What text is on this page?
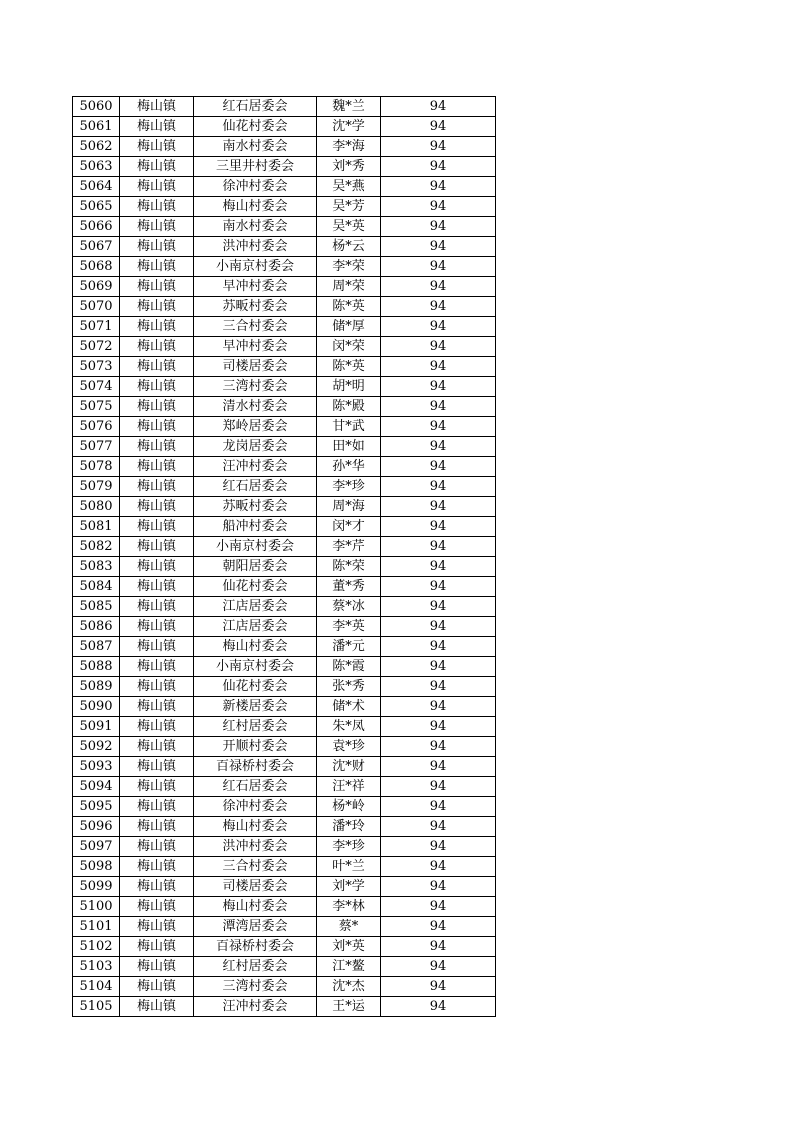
5060	梅山镇	红石居委会	魏*兰	94
5061	梅山镇	仙花村委会	沈*学	94
5062	梅山镇	南水村委会	李*海	94
5063	梅山镇	三里井村委会	刘*秀	94
5064	梅山镇	徐冲村委会	吴*燕	94
5065	梅山镇	梅山村委会	吴*芳	94
5066	梅山镇	南水村委会	吴*英	94
5067	梅山镇	洪冲村委会	杨*云	94
5068	梅山镇	小南京村委会	李*荣	94
5069	梅山镇	早冲村委会	周*荣	94
5070	梅山镇	苏畈村委会	陈*英	94
5071	梅山镇	三合村委会	储*厚	94
5072	梅山镇	早冲村委会	闵*荣	94
5073	梅山镇	司楼居委会	陈*英	94
5074	梅山镇	三湾村委会	胡*明	94
5075	梅山镇	清水村委会	陈*殿	94
5076	梅山镇	郑岭居委会	甘*武	94
5077	梅山镇	龙岗居委会	田*如	94
5078	梅山镇	汪冲村委会	孙*华	94
5079	梅山镇	红石居委会	李*珍	94
5080	梅山镇	苏畈村委会	周*海	94
5081	梅山镇	船冲村委会	闵*才	94
5082	梅山镇	小南京村委会	李*芹	94
5083	梅山镇	朝阳居委会	陈*荣	94
5084	梅山镇	仙花村委会	董*秀	94
5085	梅山镇	江店居委会	蔡*冰	94
5086	梅山镇	江店居委会	李*英	94
5087	梅山镇	梅山村委会	潘*元	94
5088	梅山镇	小南京村委会	陈*霞	94
5089	梅山镇	仙花村委会	张*秀	94
5090	梅山镇	新楼居委会	储*术	94
5091	梅山镇	红村居委会	朱*凤	94
5092	梅山镇	开顺村委会	袁*珍	94
5093	梅山镇	百禄桥村委会	沈*财	94
5094	梅山镇	红石居委会	汪*祥	94
5095	梅山镇	徐冲村委会	杨*岭	94
5096	梅山镇	梅山村委会	潘*玲	94
5097	梅山镇	洪冲村委会	李*珍	94
5098	梅山镇	三合村委会	叶*兰	94
5099	梅山镇	司楼居委会	刘*学	94
5100	梅山镇	梅山村委会	李*林	94
5101	梅山镇	潭湾居委会	蔡*	94
5102	梅山镇	百禄桥村委会	刘*英	94
5103	梅山镇	红村居委会	江*鳌	94
5104	梅山镇	三湾村委会	沈*杰	94
5105	梅山镇	汪冲村委会	王*运	94
